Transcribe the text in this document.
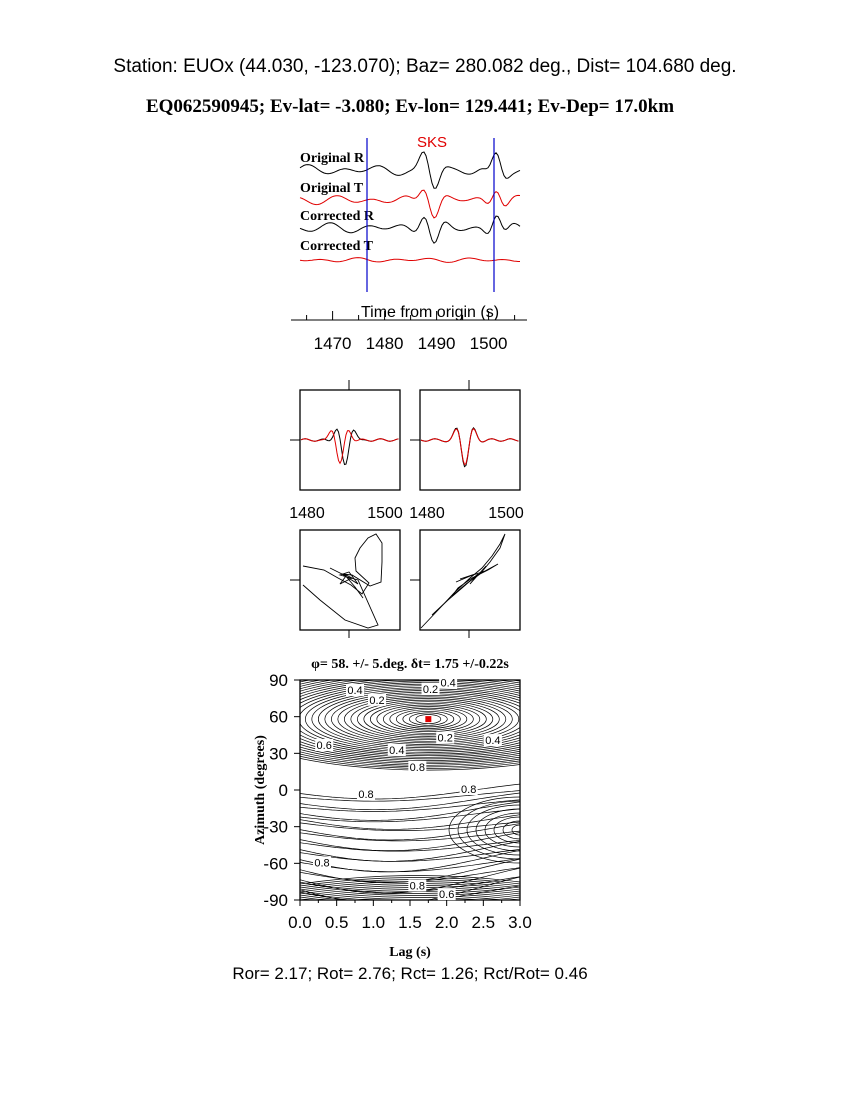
Station: EUOx (44.030, -123.070); Baz= 280.082 deg., Dist= 104.680 deg.
EQ062590945; Ev-lat= -3.080; Ev-lon= 129.441; Ev-Dep= 17.0km
SKS
Original R
Original T
Corrected R
Corrected T
Time from origin (s)
1470 1480 1490 1500
1480	1500 1480	1500
φ= 58. +/- 5.deg. δt= 1.75 +/-0.22s
0.4
0.2
0.2
0.4
0.6	0.4
0.2	0.4
0.8
0.8	0.8
0.8
0.8
0.6
0.0 0.5 1.0 1.5 2.0 2.5 3.0
90
60
30
0
-30
-60
-90
Lag (s)
Azimuth (degrees)
Ror= 2.17; Rot= 2.76; Rct= 1.26; Rct/Rot= 0.46
